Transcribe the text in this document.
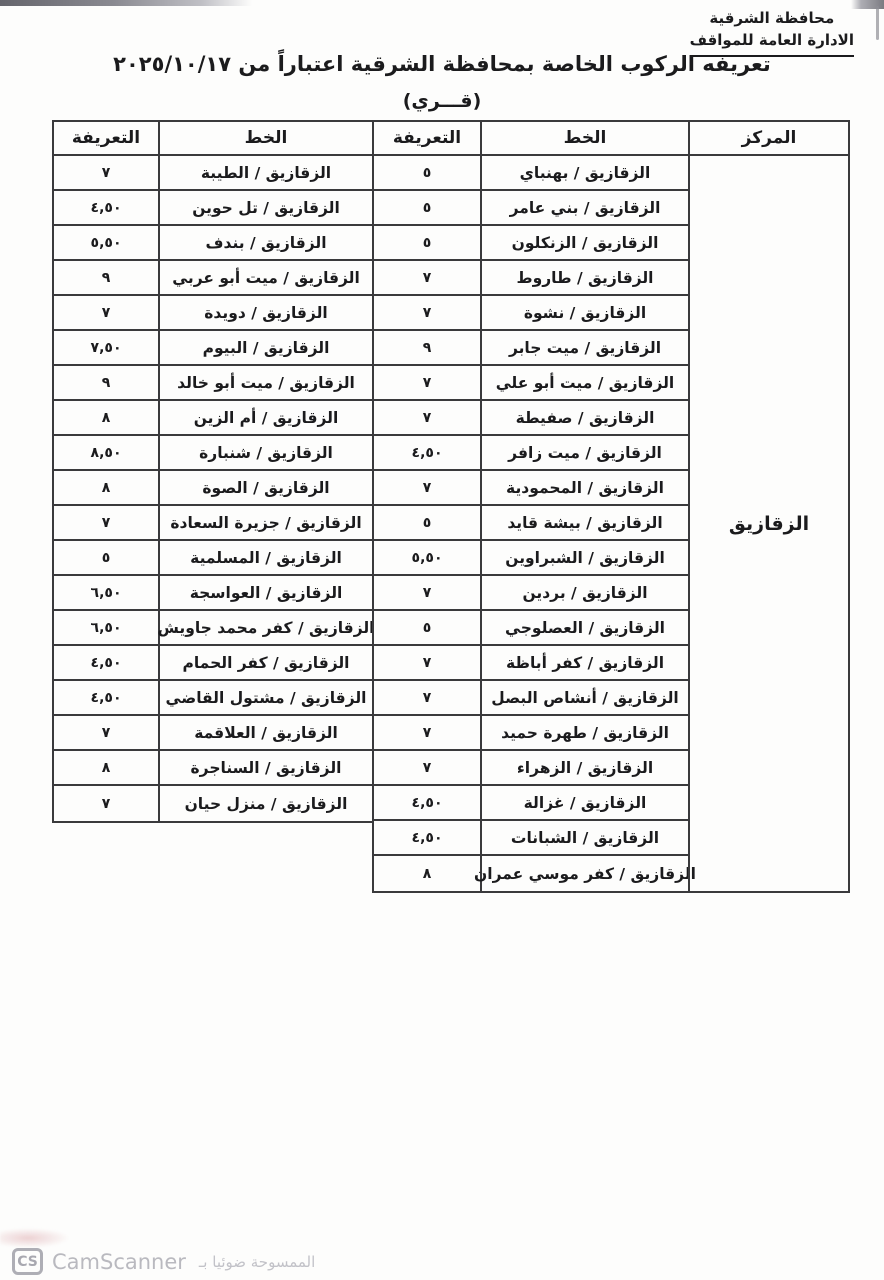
محافظة الشرقية
الادارة العامة للمواقف
تعريفه الركوب الخاصة بمحافظة الشرقية اعتباراً من ٢٠٢٥/١٠/١٧
(قـــري)
التعريفة
٧
٤,٥٠
٥,٥٠
٩
٧
٧,٥٠
٩
٨
٨,٥٠
٨
٧
٥
٦,٥٠
٦,٥٠
٤,٥٠
٤,٥٠
٧
٨
٧
الخط
الزقازيق / الطيبة
الزقازيق / تل حوين
الزقازيق / بندف
الزقازيق / ميت أبو عربي
الزقازيق / دويدة
الزقازيق / البيوم
الزقازيق / ميت أبو خالد
الزقازيق / أم الزين
الزقازيق / شنبارة
الزقازيق / الصوة
الزقازيق / جزيرة السعادة
الزقازيق / المسلمية
الزقازيق / العواسجة
الزقازيق / كفر محمد جاويش
الزقازيق / كفر الحمام
الزقازيق / مشتول القاضي
الزقازيق / العلاقمة
الزقازيق / السناجرة
الزقازيق / منزل حيان
التعريفة
٥
٥
٥
٧
٧
٩
٧
٧
٤,٥٠
٧
٥
٥,٥٠
٧
٥
٧
٧
٧
٧
٤,٥٠
٤,٥٠
٨
الخط
الزقازيق / بهنباي
الزقازيق / بني عامر
الزقازيق / الزنكلون
الزقازيق / طاروط
الزقازيق / نشوة
الزقازيق / ميت جابر
الزقازيق / ميت أبو علي
الزقازيق / صفيطة
الزقازيق / ميت زافر
الزقازيق / المحمودية
الزقازيق / بيشة قايد
الزقازيق / الشبراوين
الزقازيق / بردين
الزقازيق / العصلوجي
الزقازيق / كفر أباظة
الزقازيق / أنشاص البصل
الزقازيق / طهرة حميد
الزقازيق / الزهراء
الزقازيق / غزالة
الزقازيق / الشبانات
الزقازيق / كفر موسي عمران
المركز
الزقازيق
CS CamScanner الممسوحة ضوئيا بـ
